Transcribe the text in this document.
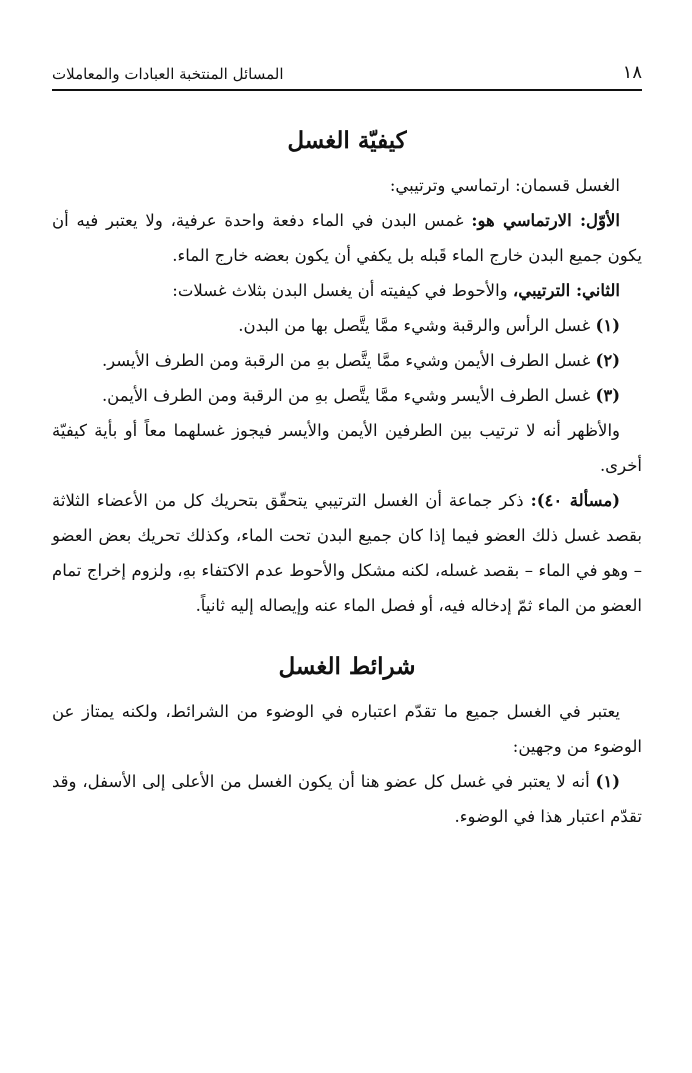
١٨
المسائل المنتخبة العبادات والمعاملات
كيفيّة الغسل

الغسل قسمان: ارتماسي وترتيبي:

الأوّل: الارتماسي هو: غمس البدن في الماء دفعة واحدة عرفية، ولا يعتبر فيه أن يكون جميع البدن خارج الماء قَبله بل يكفي أن يكون بعضه خارج الماء.

الثاني: الترتيبي، والأحوط في كيفيته أن يغسل البدن بثلاث غسلات:

(١) غسل الرأس والرقبة وشيء ممَّا يتَّصل بها من البدن.

(٢) غسل الطرف الأيمن وشيء ممَّا يتَّصل بهِ من الرقبة ومن الطرف الأيسر.

(٣) غسل الطرف الأيسر وشيء ممَّا يتَّصل بهِ من الرقبة ومن الطرف الأيمن.

والأظهر أنه لا ترتيب بين الطرفين الأيمن والأيسر فيجوز غسلهما معاً أو بأية كيفيّة أخرى.

(مسألة ٤٠): ذكر جماعة أن الغسل الترتيبي يتحقّق بتحريك كل من الأعضاء الثلاثة بقصد غسل ذلك العضو فيما إذا كان جميع البدن تحت الماء، وكذلك تحريك بعض العضو – وهو في الماء – بقصد غسله، لكنه مشكل والأحوط عدم الاكتفاء بهِ، ولزوم إخراج تمام العضو من الماء ثمّ إدخاله فيه، أو فصل الماء عنه وإيصاله إليه ثانياً.

شرائط الغسل

يعتبر في الغسل جميع ما تقدّم اعتباره في الوضوء من الشرائط، ولكنه يمتاز عن الوضوء من وجهين:

(١) أنه لا يعتبر في غسل كل عضو هنا أن يكون الغسل من الأعلى إلى الأسفل، وقد تقدّم اعتبار هذا في الوضوء.
